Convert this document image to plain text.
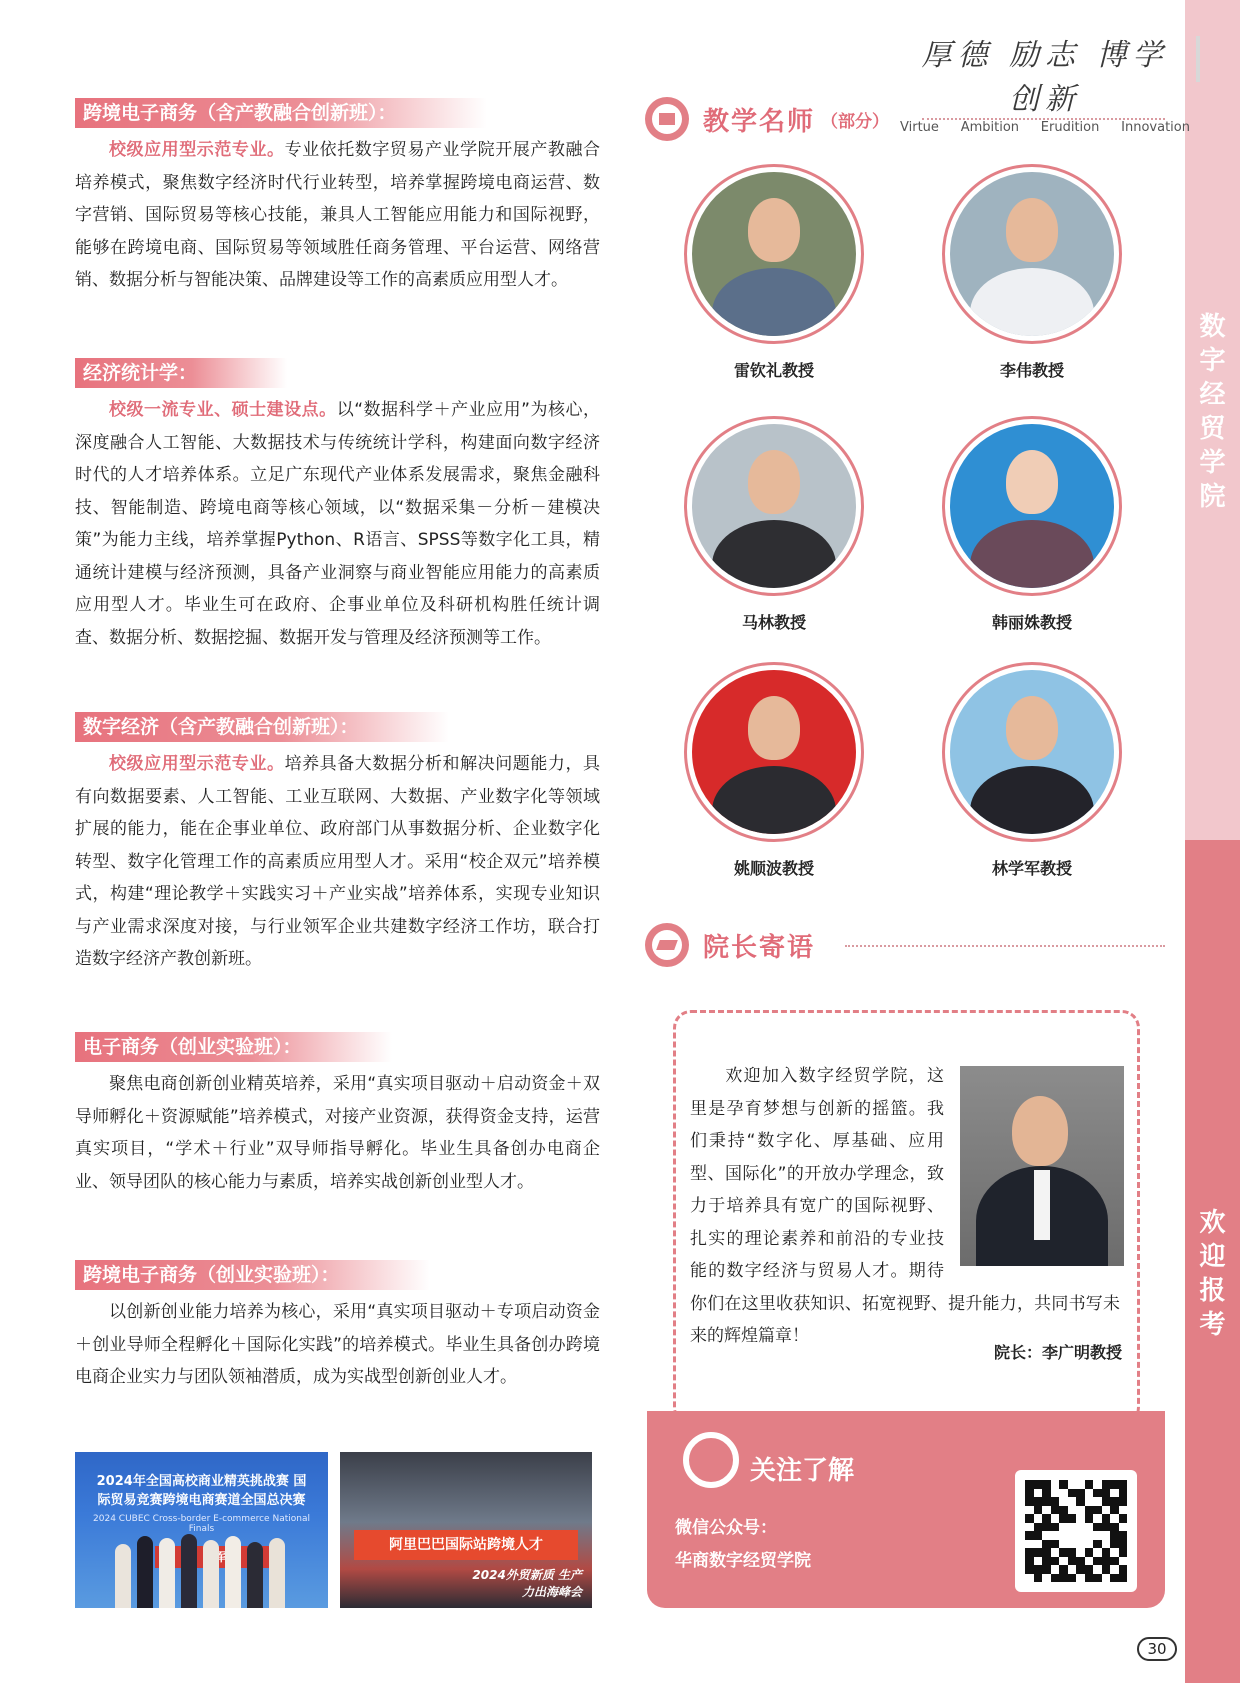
数
字
经
贸
学
院
欢
迎
报
考
厚德 励志 博学 创新
Virtue Ambition Erudition Innovation
跨境电子商务（含产教融合创新班）：
校级应用型示范专业。专业依托数字贸易产业学院开展产教融合培养模式，聚焦数字经济时代行业转型，培养掌握跨境电商运营、数字营销、国际贸易等核心技能，兼具人工智能应用能力和国际视野，能够在跨境电商、国际贸易等领域胜任商务管理、平台运营、网络营销、数据分析与智能决策、品牌建设等工作的高素质应用型人才。
经济统计学：
校级一流专业、硕士建设点。以“数据科学＋产业应用”为核心，深度融合人工智能、大数据技术与传统统计学科，构建面向数字经济时代的人才培养体系。立足广东现代产业体系发展需求，聚焦金融科技、智能制造、跨境电商等核心领域，以“数据采集－分析－建模决策”为能力主线，培养掌握Python、R语言、SPSS等数字化工具，精通统计建模与经济预测，具备产业洞察与商业智能应用能力的高素质应用型人才。毕业生可在政府、企事业单位及科研机构胜任统计调查、数据分析、数据挖掘、数据开发与管理及经济预测等工作。
数字经济（含产教融合创新班）：
校级应用型示范专业。培养具备大数据分析和解决问题能力，具有向数据要素、人工智能、工业互联网、大数据、产业数字化等领域扩展的能力，能在企事业单位、政府部门从事数据分析、企业数字化转型、数字化管理工作的高素质应用型人才。采用“校企双元”培养模式，构建“理论教学＋实践实习＋产业实战”培养体系，实现专业知识与产业需求深度对接，与行业领军企业共建数字经济工作坊，联合打造数字经济产教创新班。
电子商务（创业实验班）：
聚焦电商创新创业精英培养，采用“真实项目驱动＋启动资金＋双导师孵化＋资源赋能”培养模式，对接产业资源，获得资金支持，运营真实项目，“学术＋行业”双导师指导孵化。毕业生具备创办电商企业、领导团队的核心能力与素质，培养实战创新创业型人才。
跨境电子商务（创业实验班）：
以创新创业能力培养为核心，采用“真实项目驱动＋专项启动资金＋创业导师全程孵化＋国际化实践”的培养模式。毕业生具备创办跨境电商企业实力与团队领袖潜质，成为实战型创新创业人才。
2024年全国高校商业精英挑战赛 国际贸易竞赛跨境电商赛道全国总决赛
2024 CUBEC Cross-border E-commerce National Finals
阿里巴巴国际站跨境人才
2024外贸新质 生产力出海峰会
教学名师 （部分）
雷钦礼教授	李伟教授
马林教授	韩丽姝教授
姚顺波教授	林学军教授
院长寄语
欢迎加入数字经贸学院，这里是孕育梦想与创新的摇篮。我们秉持“数字化、厚基础、应用型、国际化”的开放办学理念，致力于培养具有宽广的国际视野、扎实的理论素养和前沿的专业技能的数字经济与贸易人才。期待你们在这里收获知识、拓宽视野、提升能力，共同书写未来的辉煌篇章！
院长：李广明教授
关注了解
微信公众号：
华商数字经贸学院
30
